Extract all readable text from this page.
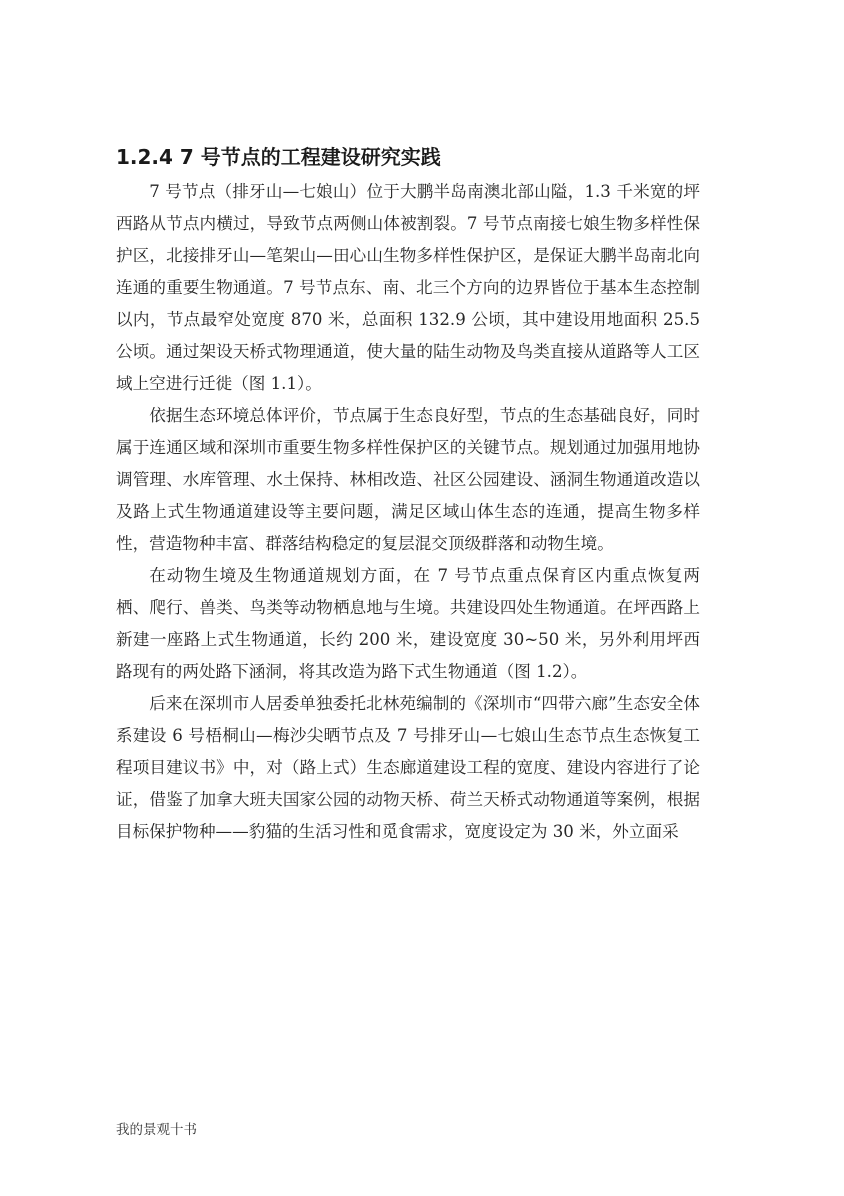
1.2.4 7 号节点的工程建设研究实践

7 号节点（排牙山—七娘山）位于大鹏半岛南澳北部山隘，1.3 千米宽的坪西路从节点内横过，导致节点两侧山体被割裂。7 号节点南接七娘生物多样性保护区，北接排牙山—笔架山—田心山生物多样性保护区，是保证大鹏半岛南北向连通的重要生物通道。7 号节点东、南、北三个方向的边界皆位于基本生态控制以内，节点最窄处宽度 870 米，总面积 132.9 公顷，其中建设用地面积 25.5 公顷。通过架设天桥式物理通道，使大量的陆生动物及鸟类直接从道路等人工区域上空进行迁徙（图 1.1）。

依据生态环境总体评价，节点属于生态良好型，节点的生态基础良好，同时属于连通区域和深圳市重要生物多样性保护区的关键节点。规划通过加强用地协调管理、水库管理、水土保持、林相改造、社区公园建设、涵洞生物通道改造以及路上式生物通道建设等主要问题，满足区域山体生态的连通，提高生物多样性，营造物种丰富、群落结构稳定的复层混交顶级群落和动物生境。

在动物生境及生物通道规划方面，在 7 号节点重点保育区内重点恢复两栖、爬行、兽类、鸟类等动物栖息地与生境。共建设四处生物通道。在坪西路上新建一座路上式生物通道，长约 200 米，建设宽度 30~50 米，另外利用坪西路现有的两处路下涵洞，将其改造为路下式生物通道（图 1.2）。

后来在深圳市人居委单独委托北林苑编制的《深圳市“四带六廊”生态安全体系建设 6 号梧桐山—梅沙尖晒节点及 7 号排牙山—七娘山生态节点生态恢复工程项目建议书》中，对（路上式）生态廊道建设工程的宽度、建设内容进行了论证，借鉴了加拿大班夫国家公园的动物天桥、荷兰天桥式动物通道等案例，根据目标保护物种——豹猫的生活习性和觅食需求，宽度设定为 30 米，外立面采

我的景观十书
